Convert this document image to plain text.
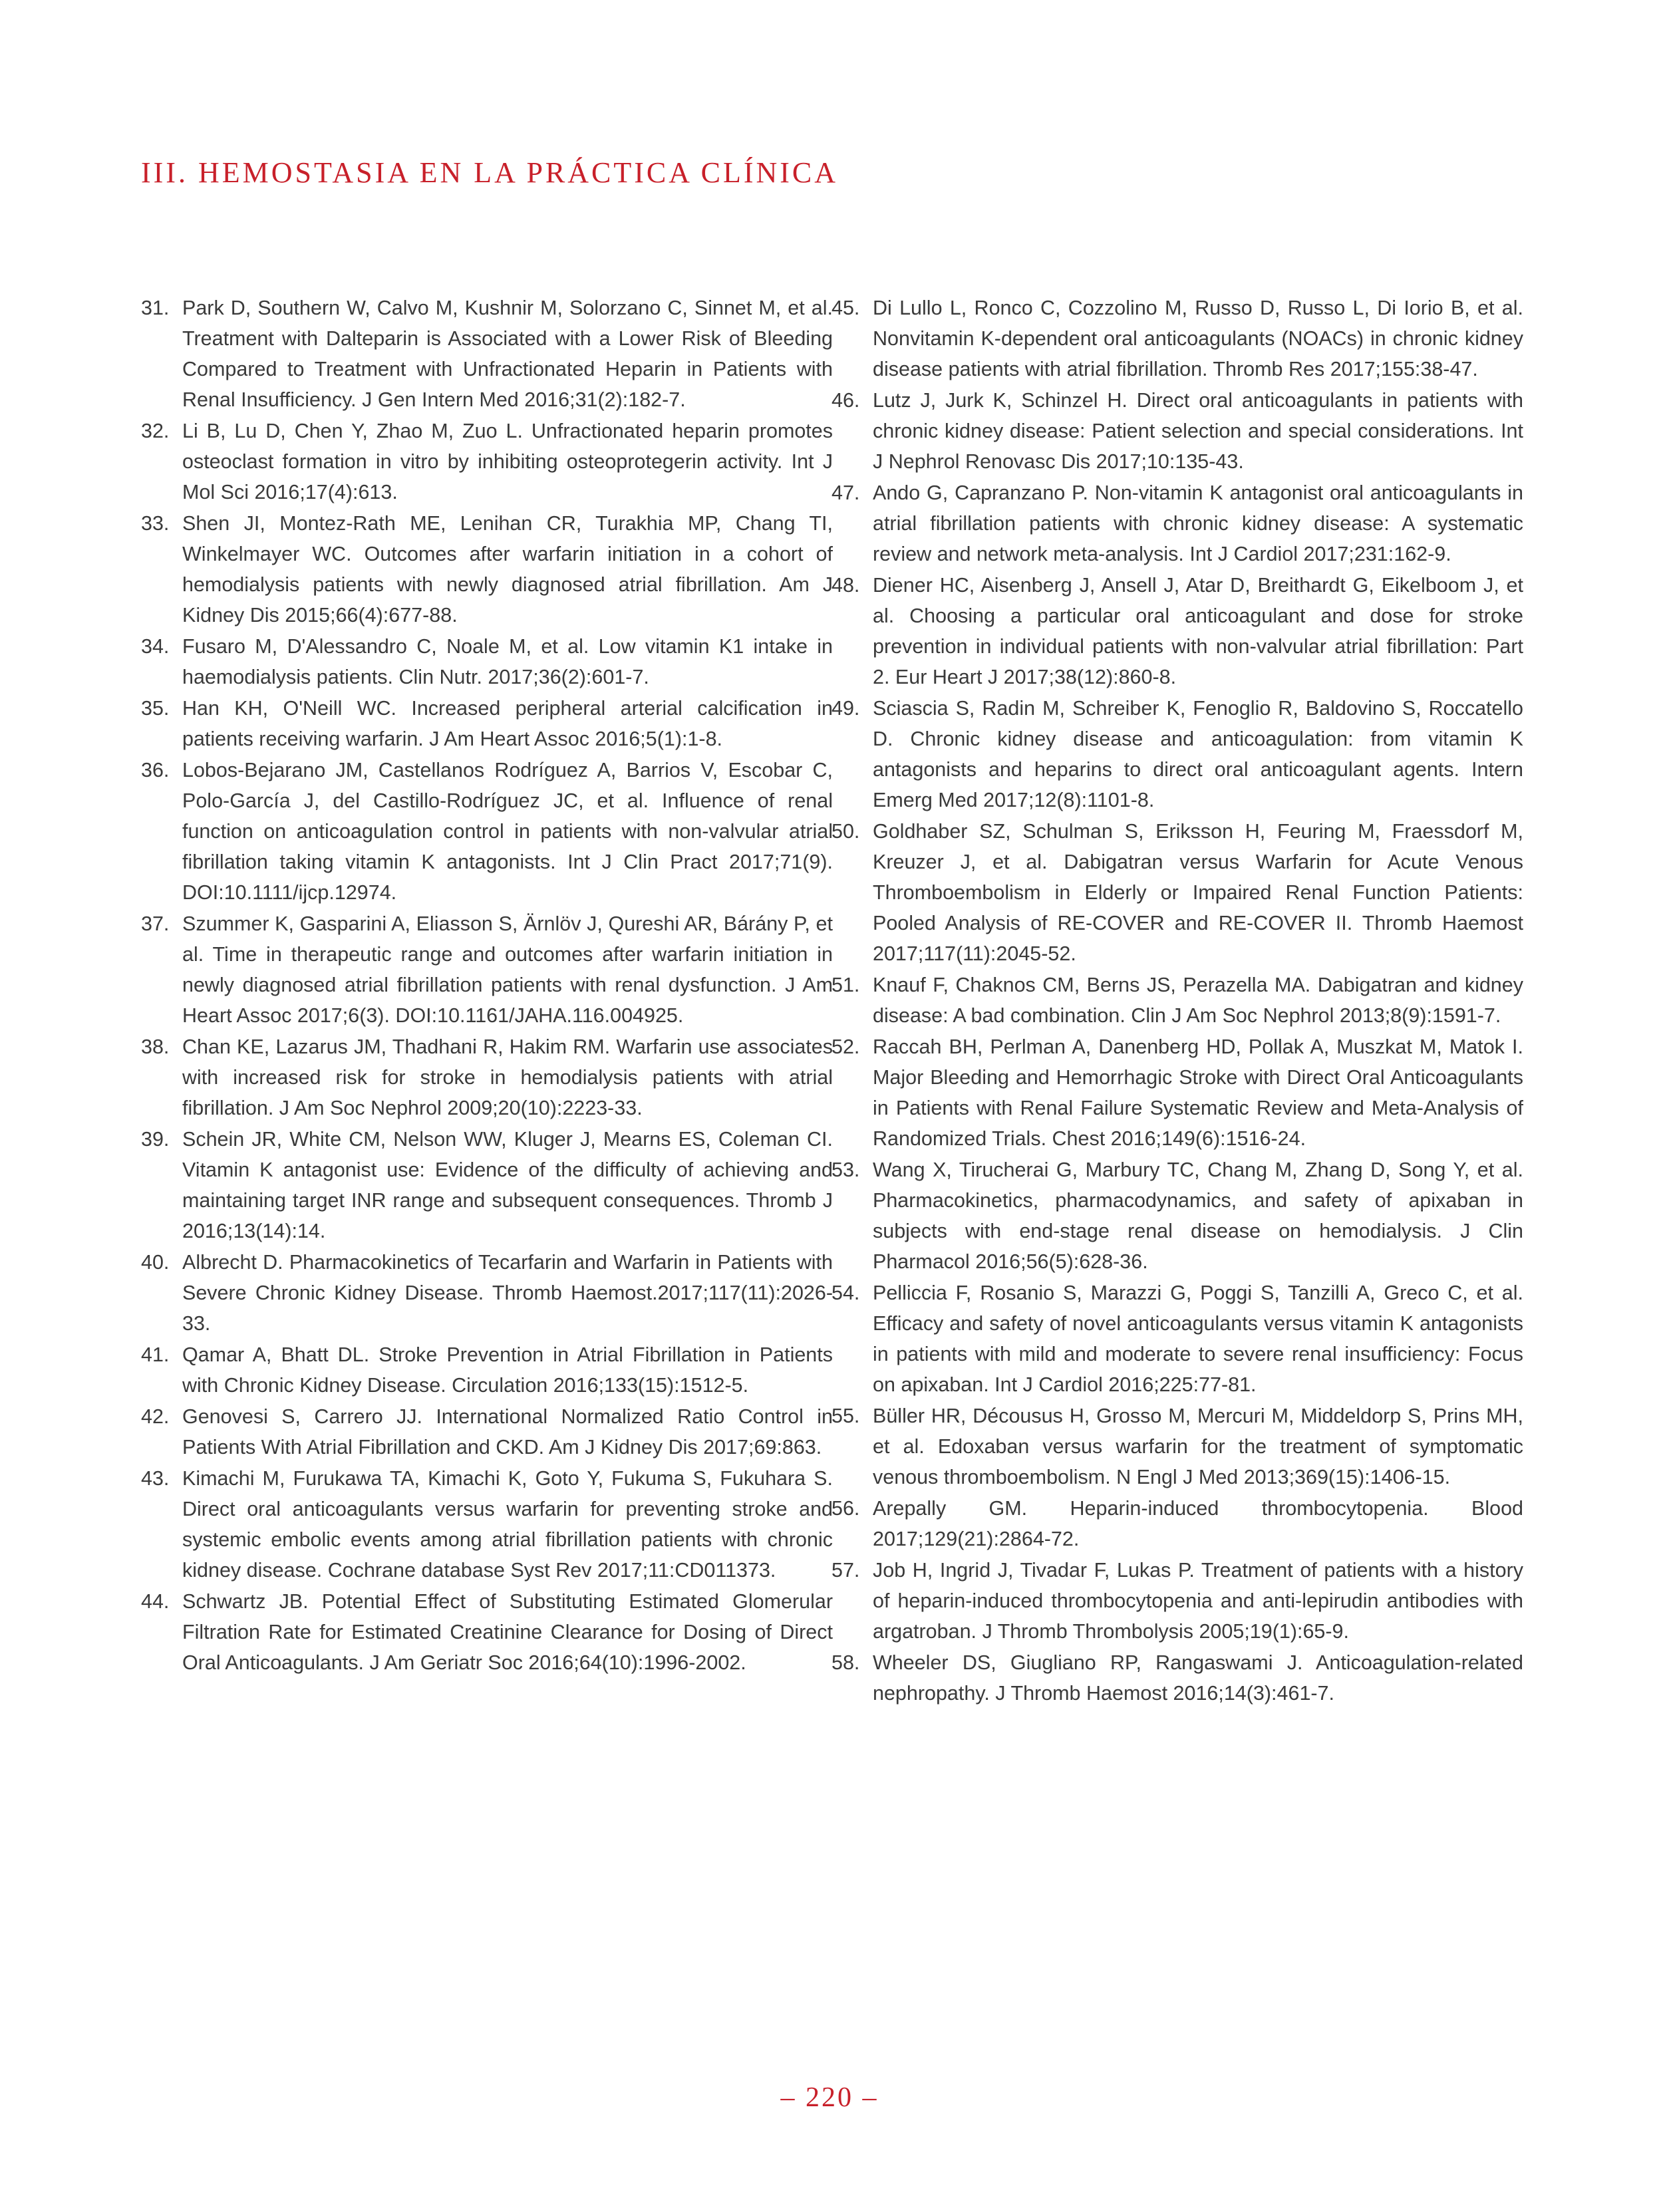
III. HEMOSTASIA EN LA PRÁCTICA CLÍNICA
31. Park D, Southern W, Calvo M, Kushnir M, Solorzano C, Sinnet M, et al. Treatment with Dalteparin is Associated with a Lower Risk of Bleeding Compared to Treatment with Unfractionated Heparin in Patients with Renal Insufficiency. J Gen Intern Med 2016;31(2):182-7.
32. Li B, Lu D, Chen Y, Zhao M, Zuo L. Unfractionated heparin promotes osteoclast formation in vitro by inhibiting osteoprotegerin activity. Int J Mol Sci 2016;17(4):613.
33. Shen JI, Montez-Rath ME, Lenihan CR, Turakhia MP, Chang TI, Winkelmayer WC. Outcomes after warfarin initiation in a cohort of hemodialysis patients with newly diagnosed atrial fibrillation. Am J Kidney Dis 2015;66(4):677-88.
34. Fusaro M, D'Alessandro C, Noale M, et al. Low vitamin K1 intake in haemodialysis patients. Clin Nutr. 2017;36(2):601-7.
35. Han KH, O'Neill WC. Increased peripheral arterial calcification in patients receiving warfarin. J Am Heart Assoc 2016;5(1):1-8.
36. Lobos-Bejarano JM, Castellanos Rodríguez A, Barrios V, Escobar C, Polo-García J, del Castillo-Rodríguez JC, et al. Influence of renal function on anticoagulation control in patients with non-valvular atrial fibrillation taking vitamin K antagonists. Int J Clin Pract 2017;71(9). DOI:10.1111/ijcp.12974.
37. Szummer K, Gasparini A, Eliasson S, Ärnlöv J, Qureshi AR, Bárány P, et al. Time in therapeutic range and outcomes after warfarin initiation in newly diagnosed atrial fibrillation patients with renal dysfunction. J Am Heart Assoc 2017;6(3). DOI:10.1161/JAHA.116.004925.
38. Chan KE, Lazarus JM, Thadhani R, Hakim RM. Warfarin use associates with increased risk for stroke in hemodialysis patients with atrial fibrillation. J Am Soc Nephrol 2009;20(10):2223-33.
39. Schein JR, White CM, Nelson WW, Kluger J, Mearns ES, Coleman CI. Vitamin K antagonist use: Evidence of the difficulty of achieving and maintaining target INR range and subsequent consequences. Thromb J 2016;13(14):14.
40. Albrecht D. Pharmacokinetics of Tecarfarin and Warfarin in Patients with Severe Chronic Kidney Disease. Thromb Haemost.2017;117(11):2026-33.
41. Qamar A, Bhatt DL. Stroke Prevention in Atrial Fibrillation in Patients with Chronic Kidney Disease. Circulation 2016;133(15):1512-5.
42. Genovesi S, Carrero JJ. International Normalized Ratio Control in Patients With Atrial Fibrillation and CKD. Am J Kidney Dis 2017;69:863.
43. Kimachi M, Furukawa TA, Kimachi K, Goto Y, Fukuma S, Fukuhara S. Direct oral anticoagulants versus warfarin for preventing stroke and systemic embolic events among atrial fibrillation patients with chronic kidney disease. Cochrane database Syst Rev 2017;11:CD011373.
44. Schwartz JB. Potential Effect of Substituting Estimated Glomerular Filtration Rate for Estimated Creatinine Clearance for Dosing of Direct Oral Anticoagulants. J Am Geriatr Soc 2016;64(10):1996-2002.
45. Di Lullo L, Ronco C, Cozzolino M, Russo D, Russo L, Di Iorio B, et al. Nonvitamin K-dependent oral anticoagulants (NOACs) in chronic kidney disease patients with atrial fibrillation. Thromb Res 2017;155:38-47.
46. Lutz J, Jurk K, Schinzel H. Direct oral anticoagulants in patients with chronic kidney disease: Patient selection and special considerations. Int J Nephrol Renovasc Dis 2017;10:135-43.
47. Ando G, Capranzano P. Non-vitamin K antagonist oral anticoagulants in atrial fibrillation patients with chronic kidney disease: A systematic review and network meta-analysis. Int J Cardiol 2017;231:162-9.
48. Diener HC, Aisenberg J, Ansell J, Atar D, Breithardt G, Eikelboom J, et al. Choosing a particular oral anticoagulant and dose for stroke prevention in individual patients with non-valvular atrial fibrillation: Part 2. Eur Heart J 2017;38(12):860-8.
49. Sciascia S, Radin M, Schreiber K, Fenoglio R, Baldovino S, Roccatello D. Chronic kidney disease and anticoagulation: from vitamin K antagonists and heparins to direct oral anticoagulant agents. Intern Emerg Med 2017;12(8):1101-8.
50. Goldhaber SZ, Schulman S, Eriksson H, Feuring M, Fraessdorf M, Kreuzer J, et al. Dabigatran versus Warfarin for Acute Venous Thromboembolism in Elderly or Impaired Renal Function Patients: Pooled Analysis of RE-COVER and RE-COVER II. Thromb Haemost 2017;117(11):2045-52.
51. Knauf F, Chaknos CM, Berns JS, Perazella MA. Dabigatran and kidney disease: A bad combination. Clin J Am Soc Nephrol 2013;8(9):1591-7.
52. Raccah BH, Perlman A, Danenberg HD, Pollak A, Muszkat M, Matok I. Major Bleeding and Hemorrhagic Stroke with Direct Oral Anticoagulants in Patients with Renal Failure Systematic Review and Meta-Analysis of Randomized Trials. Chest 2016;149(6):1516-24.
53. Wang X, Tirucherai G, Marbury TC, Chang M, Zhang D, Song Y, et al. Pharmacokinetics, pharmacodynamics, and safety of apixaban in subjects with end-stage renal disease on hemodialysis. J Clin Pharmacol 2016;56(5):628-36.
54. Pelliccia F, Rosanio S, Marazzi G, Poggi S, Tanzilli A, Greco C, et al. Efficacy and safety of novel anticoagulants versus vitamin K antagonists in patients with mild and moderate to severe renal insufficiency: Focus on apixaban. Int J Cardiol 2016;225:77-81.
55. Büller HR, Décousus H, Grosso M, Mercuri M, Middeldorp S, Prins MH, et al. Edoxaban versus warfarin for the treatment of symptomatic venous thromboembolism. N Engl J Med 2013;369(15):1406-15.
56. Arepally GM. Heparin-induced thrombocytopenia. Blood 2017;129(21):2864-72.
57. Job H, Ingrid J, Tivadar F, Lukas P. Treatment of patients with a history of heparin-induced thrombocytopenia and anti-lepirudin antibodies with argatroban. J Thromb Thrombolysis 2005;19(1):65-9.
58. Wheeler DS, Giugliano RP, Rangaswami J. Anticoagulation-related nephropathy. J Thromb Haemost 2016;14(3):461-7.
– 220 –
